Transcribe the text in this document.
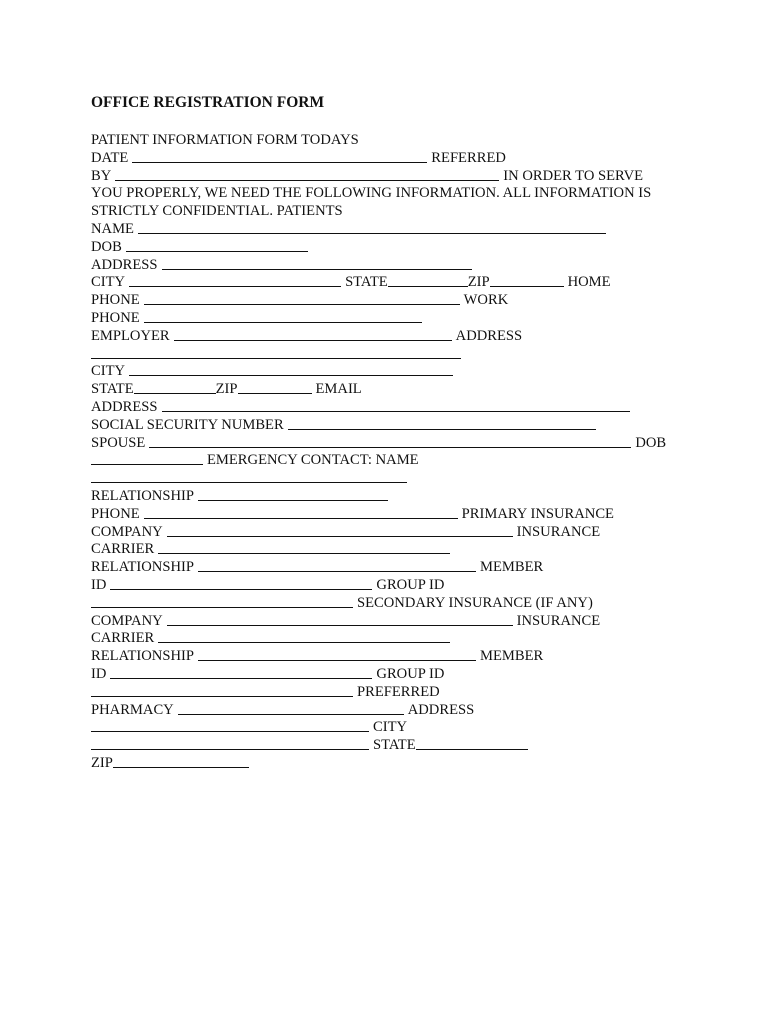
OFFICE REGISTRATION FORM
PATIENT INFORMATION FORM TODAYS
DATE	REFERRED
BY	IN ORDER TO SERVE
YOU PROPERLY, WE NEED THE FOLLOWING INFORMATION. ALL INFORMATION IS
STRICTLY CONFIDENTIAL. PATIENTS
NAME
DOB
ADDRESS
CITY	STATE	ZIP	HOME
PHONE	WORK
PHONE
EMPLOYER	ADDRESS
CITY
STATE	ZIP	EMAIL
ADDRESS
SOCIAL SECURITY NUMBER
SPOUSE	DOB
EMERGENCY CONTACT: NAME
RELATIONSHIP
PHONE	PRIMARY INSURANCE
COMPANY	INSURANCE
CARRIER
RELATIONSHIP	MEMBER
ID	GROUP ID
SECONDARY INSURANCE (IF ANY)
COMPANY	INSURANCE
CARRIER
RELATIONSHIP	MEMBER
ID	GROUP ID
PREFERRED
PHARMACY	ADDRESS
CITY
STATE
ZIP
